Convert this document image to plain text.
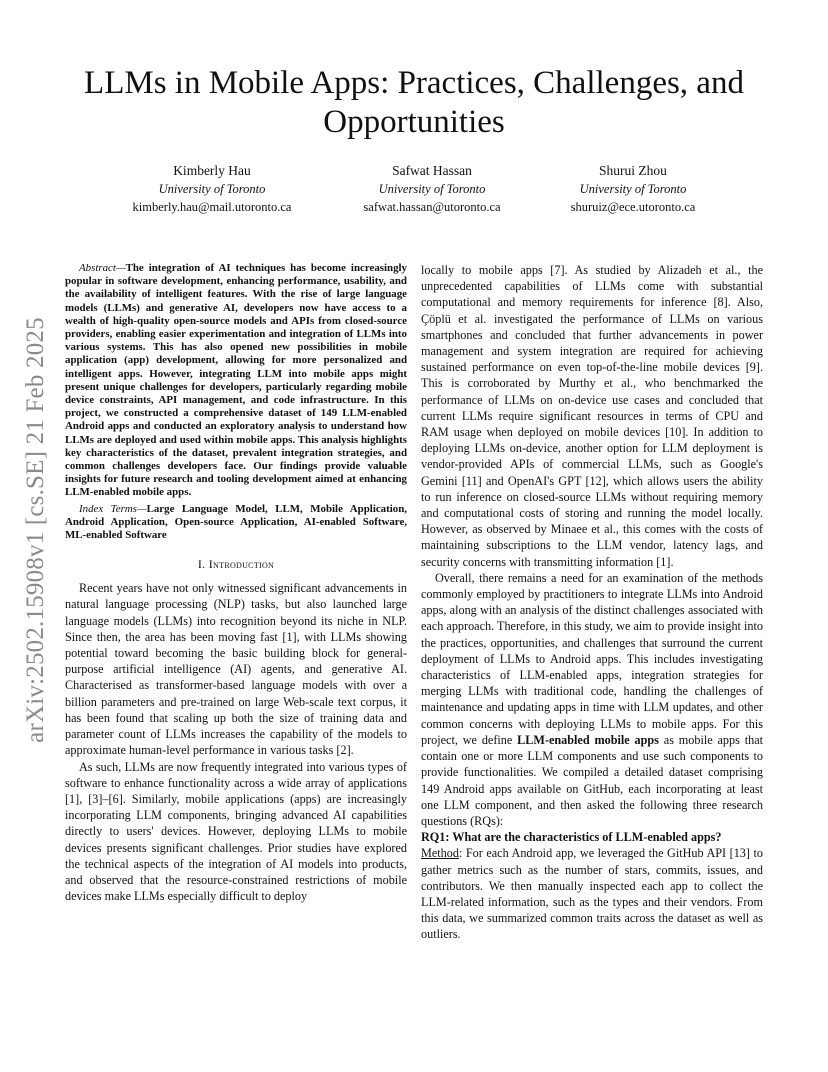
arXiv:2502.15908v1 [cs.SE] 21 Feb 2025
LLMs in Mobile Apps: Practices, Challenges, and Opportunities
Kimberly Hau
University of Toronto
kimberly.hau@mail.utoronto.ca
Safwat Hassan
University of Toronto
safwat.hassan@utoronto.ca
Shurui Zhou
University of Toronto
shuruiz@ece.utoronto.ca

Abstract—The integration of AI techniques has become increasingly popular in software development, enhancing performance, usability, and the availability of intelligent features. With the rise of large language models (LLMs) and generative AI, developers now have access to a wealth of high-quality open-source models and APIs from closed-source providers, enabling easier experimentation and integration of LLMs into various systems. This has also opened new possibilities in mobile application (app) development, allowing for more personalized and intelligent apps. However, integrating LLM into mobile apps might present unique challenges for developers, particularly regarding mobile device constraints, API management, and code infrastructure. In this project, we constructed a comprehensive dataset of 149 LLM-enabled Android apps and conducted an exploratory analysis to understand how LLMs are deployed and used within mobile apps. This analysis highlights key characteristics of the dataset, prevalent integration strategies, and common challenges developers face. Our findings provide valuable insights for future research and tooling development aimed at enhancing LLM-enabled mobile apps.

Index Terms—Large Language Model, LLM, Mobile Application, Android Application, Open-source Application, AI-enabled Software, ML-enabled Software

I. Introduction

Recent years have not only witnessed significant advancements in natural language processing (NLP) tasks, but also launched large language models (LLMs) into recognition beyond its niche in NLP. Since then, the area has been moving fast [1], with LLMs showing potential toward becoming the basic building block for general-purpose artificial intelligence (AI) agents, and generative AI. Characterised as transformer-based language models with over a billion parameters and pre-trained on large Web-scale text corpus, it has been found that scaling up both the size of training data and parameter count of LLMs increases the capability of the models to approximate human-level performance in various tasks [2].

As such, LLMs are now frequently integrated into various types of software to enhance functionality across a wide array of applications [1], [3]–[6]. Similarly, mobile applications (apps) are increasingly incorporating LLM components, bringing advanced AI capabilities directly to users' devices. However, deploying LLMs to mobile devices presents significant challenges. Prior studies have explored the technical aspects of the integration of AI models into products, and observed that the resource-constrained restrictions of mobile devices make LLMs especially difficult to deploy

locally to mobile apps [7]. As studied by Alizadeh et al., the unprecedented capabilities of LLMs come with substantial computational and memory requirements for inference [8]. Also, Çöplü et al. investigated the performance of LLMs on various smartphones and concluded that further advancements in power management and system integration are required for achieving sustained performance on even top-of-the-line mobile devices [9]. This is corroborated by Murthy et al., who benchmarked the performance of LLMs on on-device use cases and concluded that current LLMs require significant resources in terms of CPU and RAM usage when deployed on mobile devices [10]. In addition to deploying LLMs on-device, another option for LLM deployment is vendor-provided APIs of commercial LLMs, such as Google's Gemini [11] and OpenAI's GPT [12], which allows users the ability to run inference on closed-source LLMs without requiring memory and computational costs of storing and running the model locally. However, as observed by Minaee et al., this comes with the costs of maintaining subscriptions to the LLM vendor, latency lags, and security concerns with transmitting information [1].

Overall, there remains a need for an examination of the methods commonly employed by practitioners to integrate LLMs into Android apps, along with an analysis of the distinct challenges associated with each approach. Therefore, in this study, we aim to provide insight into the practices, opportunities, and challenges that surround the current deployment of LLMs to Android apps. This includes investigating characteristics of LLM-enabled apps, integration strategies for merging LLMs with traditional code, handling the challenges of maintenance and updating apps in time with LLM updates, and other common concerns with deploying LLMs to mobile apps. For this project, we define LLM-enabled mobile apps as mobile apps that contain one or more LLM components and use such components to provide functionalities. We compiled a detailed dataset comprising 149 Android apps available on GitHub, each incorporating at least one LLM component, and then asked the following three research questions (RQs):

RQ1: What are the characteristics of LLM-enabled apps?
Method: For each Android app, we leveraged the GitHub API [13] to gather metrics such as the number of stars, commits, issues, and contributors. We then manually inspected each app to collect the LLM-related information, such as the types and their vendors. From this data, we summarized common traits across the dataset as well as outliers.
